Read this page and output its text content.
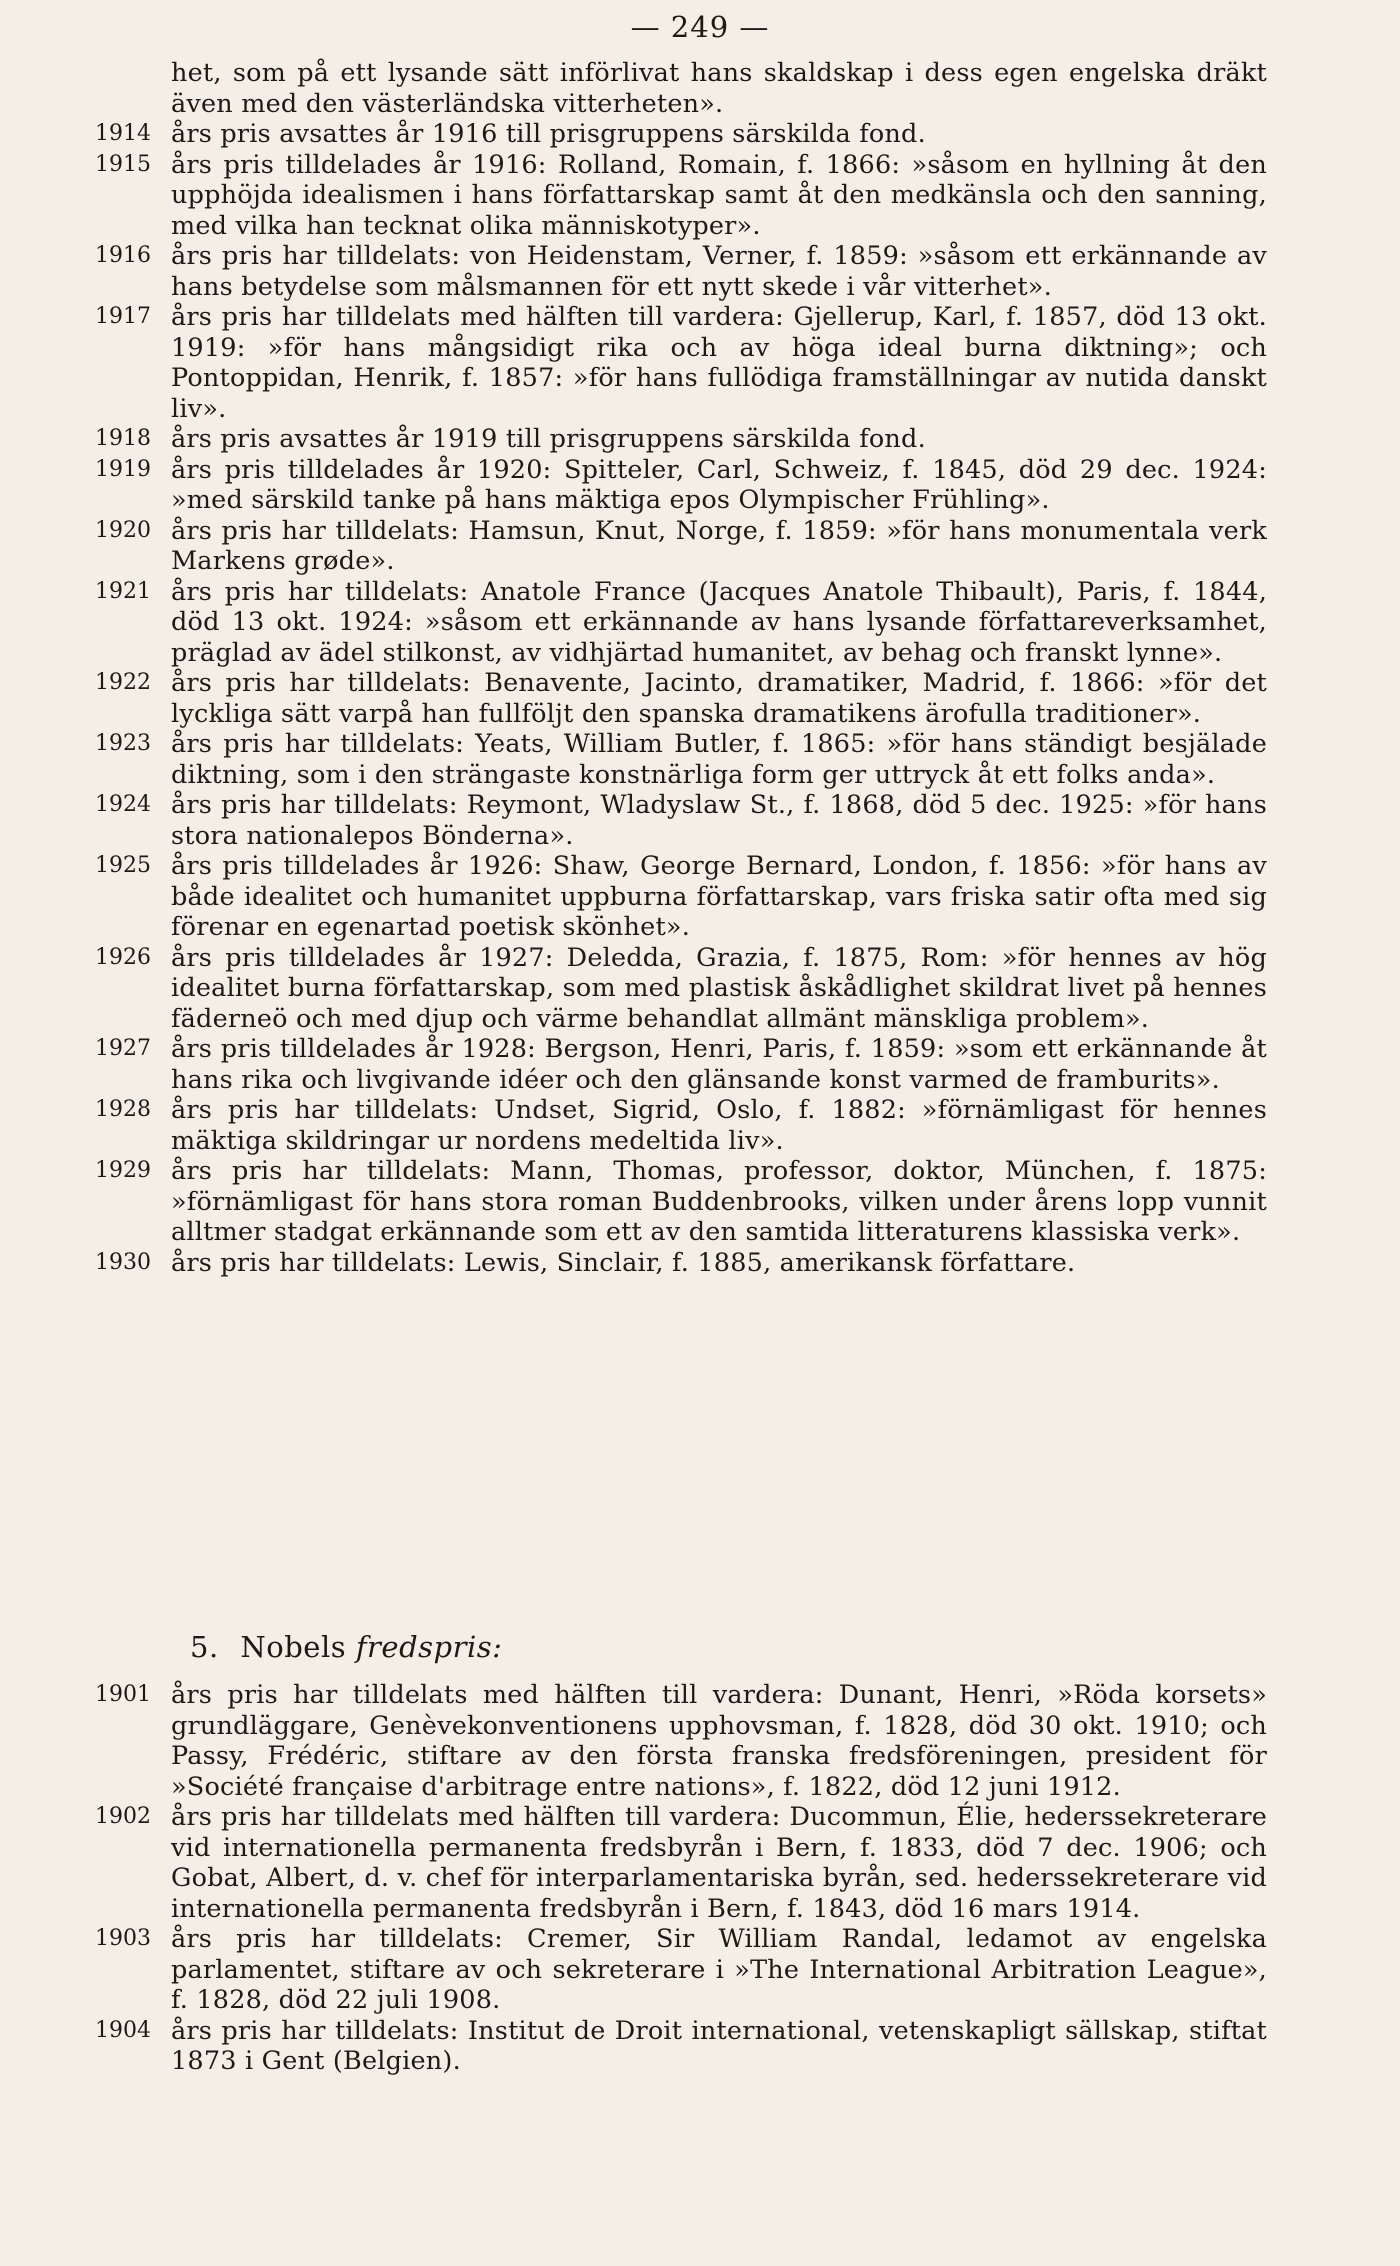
— 249 —

het, som på ett lysande sätt införlivat hans skaldskap i dess egen engelska dräkt även med den västerländska vitterheten».

1914 års pris avsattes år 1916 till prisgruppens särskilda fond.

1915 års pris tilldelades år 1916: Rolland, Romain, f. 1866: »såsom en hyllning åt den upphöjda idealismen i hans författarskap samt åt den medkänsla och den sanning, med vilka han tecknat olika människotyper».

1916 års pris har tilldelats: von Heidenstam, Verner, f. 1859: »såsom ett erkännande av hans betydelse som målsmannen för ett nytt skede i vår vitterhet».

1917 års pris har tilldelats med hälften till vardera: Gjellerup, Karl, f. 1857, död 13 okt. 1919: »för hans mångsidigt rika och av höga ideal burna diktning»; och Pontoppidan, Henrik, f. 1857: »för hans fullödiga framställningar av nutida danskt liv».

1918 års pris avsattes år 1919 till prisgruppens särskilda fond.

1919 års pris tilldelades år 1920: Spitteler, Carl, Schweiz, f. 1845, död 29 dec. 1924: »med särskild tanke på hans mäktiga epos Olympischer Frühling».

1920 års pris har tilldelats: Hamsun, Knut, Norge, f. 1859: »för hans monumentala verk Markens grøde».

1921 års pris har tilldelats: Anatole France (Jacques Anatole Thibault), Paris, f. 1844, död 13 okt. 1924: »såsom ett erkännande av hans lysande författareverksamhet, präglad av ädel stilkonst, av vidhjärtad humanitet, av behag och franskt lynne».

1922 års pris har tilldelats: Benavente, Jacinto, dramatiker, Madrid, f. 1866: »för det lyckliga sätt varpå han fullföljt den spanska dramatikens ärofulla traditioner».

1923 års pris har tilldelats: Yeats, William Butler, f. 1865: »för hans ständigt besjälade diktning, som i den strängaste konstnärliga form ger uttryck åt ett folks anda».

1924 års pris har tilldelats: Reymont, Wladyslaw St., f. 1868, död 5 dec. 1925: »för hans stora nationalepos Bönderna».

1925 års pris tilldelades år 1926: Shaw, George Bernard, London, f. 1856: »för hans av både idealitet och humanitet uppburna författarskap, vars friska satir ofta med sig förenar en egenartad poetisk skönhet».

1926 års pris tilldelades år 1927: Deledda, Grazia, f. 1875, Rom: »för hennes av hög idealitet burna författarskap, som med plastisk åskådlighet skildrat livet på hennes fäderneö och med djup och värme behandlat allmänt mänskliga problem».

1927 års pris tilldelades år 1928: Bergson, Henri, Paris, f. 1859: »som ett erkännande åt hans rika och livgivande idéer och den glänsande konst varmed de framburits».

1928 års pris har tilldelats: Undset, Sigrid, Oslo, f. 1882: »förnämligast för hennes mäktiga skildringar ur nordens medeltida liv».

1929 års pris har tilldelats: Mann, Thomas, professor, doktor, München, f. 1875: »förnämligast för hans stora roman Buddenbrooks, vilken under årens lopp vunnit alltmer stadgat erkännande som ett av den samtida litteraturens klassiska verk».

1930 års pris har tilldelats: Lewis, Sinclair, f. 1885, amerikansk författare.

5. Nobels fredspris:

1901 års pris har tilldelats med hälften till vardera: Dunant, Henri, »Röda korsets» grundläggare, Genèvekonventionens upphovsman, f. 1828, död 30 okt. 1910; och Passy, Frédéric, stiftare av den första franska fredsföreningen, president för »Société française d'arbitrage entre nations», f. 1822, död 12 juni 1912.

1902 års pris har tilldelats med hälften till vardera: Ducommun, Élie, hederssekreterare vid internationella permanenta fredsbyrån i Bern, f. 1833, död 7 dec. 1906; och Gobat, Albert, d. v. chef för interparlamentariska byrån, sed. hederssekreterare vid internationella permanenta fredsbyrån i Bern, f. 1843, död 16 mars 1914.

1903 års pris har tilldelats: Cremer, Sir William Randal, ledamot av engelska parlamentet, stiftare av och sekreterare i »The International Arbitration League», f. 1828, död 22 juli 1908.

1904 års pris har tilldelats: Institut de Droit international, vetenskapligt sällskap, stiftat 1873 i Gent (Belgien).
